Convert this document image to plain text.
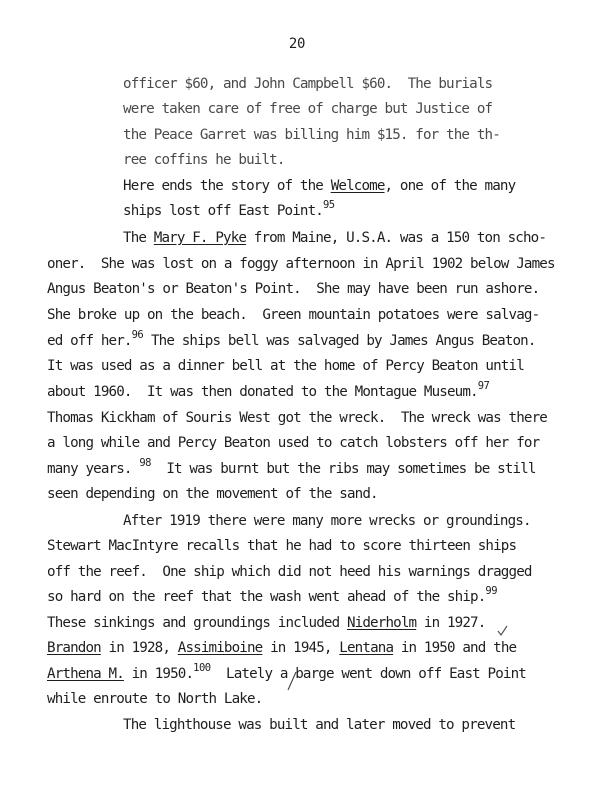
20
officer $60, and John Campbell $60.  The burials
were taken care of free of charge but Justice of
the Peace Garret was billing him $15. for the th-
ree coffins he built.
Here ends the story of the Welcome, one of the many
ships lost off East Point.$^{95}$
The Mary F. Pyke from Maine, U.S.A. was a 150 ton scho-
oner.  She was lost on a foggy afternoon in April 1902 below James
Angus Beaton's or Beaton's Point.  She may have been run ashore.
She broke up on the beach.  Green mountain potatoes were salvag-
ed off her.$^{96}$ The ships bell was salvaged by James Angus Beaton.
It was used as a dinner bell at the home of Percy Beaton until
about 1960.  It was then donated to the Montague Museum.$^{97}$
Thomas Kickham of Souris West got the wreck.  The wreck was there
a long while and Percy Beaton used to catch lobsters off her for
many years. $^{98}$  It was burnt but the ribs may sometimes be still
seen depending on the movement of the sand.
After 1919 there were many more wrecks or groundings.
Stewart MacIntyre recalls that he had to score thirteen ships
off the reef.  One ship which did not heed his warnings dragged
so hard on the reef that the wash went ahead of the ship.$^{99}$
These sinkings and groundings included Niderholm in 1927.
Brandon in 1928, Assimiboine in 1945, Lentana in 1950 and the
Arthena M. in 1950.$^{100}$  Lately a barge went down off East Point
while enroute to North Lake.
The lighthouse was built and later moved to prevent
